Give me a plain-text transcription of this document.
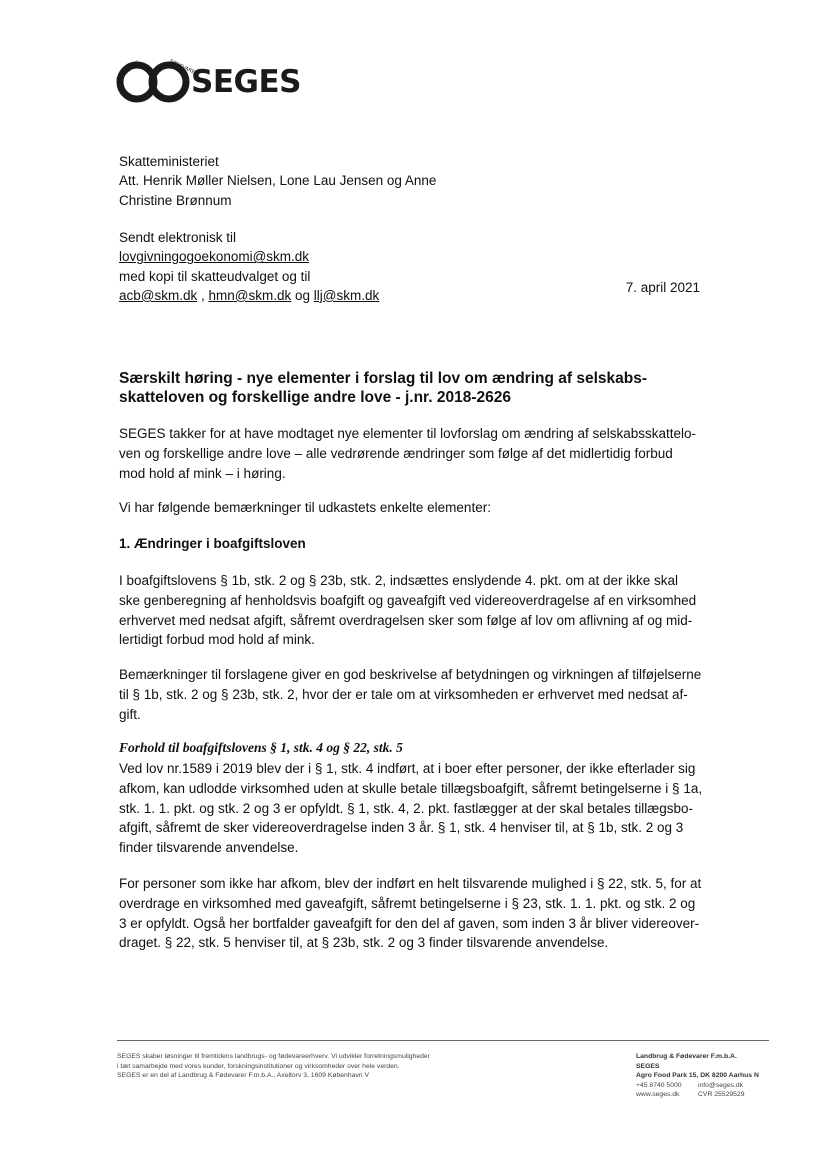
LANDBRUG	FØDEVARER
SEGES
Skatteministeriet
Att. Henrik Møller Nielsen, Lone Lau Jensen og Anne
Christine Brønnum
Sendt elektronisk til
lovgivningogoekonomi@skm.dk
med kopi til skatteudvalget og til
acb@skm.dk , hmn@skm.dk og llj@skm.dk
7. april 2021
Særskilt høring - nye elementer i forslag til lov om ændring af selskabs-
skatteloven og forskellige andre love - j.nr. 2018-2626
SEGES takker for at have modtaget nye elementer til lovforslag om ændring af selskabsskattelo-
ven og forskellige andre love – alle vedrørende ændringer som følge af det midlertidig forbud
mod hold af mink – i høring.
Vi har følgende bemærkninger til udkastets enkelte elementer:
1. Ændringer i boafgiftsloven
I boafgiftslovens § 1b, stk. 2 og § 23b, stk. 2, indsættes enslydende 4. pkt. om at der ikke skal
ske genberegning af henholdsvis boafgift og gaveafgift ved videreoverdragelse af en virksomhed
erhvervet med nedsat afgift, såfremt overdragelsen sker som følge af lov om aflivning af og mid-
lertidigt forbud mod hold af mink.
Bemærkninger til forslagene giver en god beskrivelse af betydningen og virkningen af tilføjelserne
til § 1b, stk. 2 og § 23b, stk. 2, hvor der er tale om at virksomheden er erhvervet med nedsat af-
gift.
Forhold til boafgiftslovens § 1, stk. 4 og § 22, stk. 5
Ved lov nr.1589 i 2019 blev der i § 1, stk. 4 indført, at i boer efter personer, der ikke efterlader sig
afkom, kan udlodde virksomhed uden at skulle betale tillægsboafgift, såfremt betingelserne i § 1a,
stk. 1. 1. pkt. og stk. 2 og 3 er opfyldt. § 1, stk. 4, 2. pkt. fastlægger at der skal betales tillægsbo-
afgift, såfremt de sker videreoverdragelse inden 3 år. § 1, stk. 4 henviser til, at § 1b, stk. 2 og 3
finder tilsvarende anvendelse.
For personer som ikke har afkom, blev der indført en helt tilsvarende mulighed i § 22, stk. 5, for at
overdrage en virksomhed med gaveafgift, såfremt betingelserne i § 23, stk. 1. 1. pkt. og stk. 2 og
3 er opfyldt. Også her bortfalder gaveafgift for den del af gaven, som inden 3 år bliver videreover-
draget. § 22, stk. 5 henviser til, at § 23b, stk. 2 og 3 finder tilsvarende anvendelse.
SEGES skaber løsninger til fremtidens landbrugs- og fødevareerhverv. Vi udvikler forretningsmuligheder
i tæt samarbejde med vores kunder, forskningsinstitutioner og virksomheder over hele verden.
SEGES er en del af Landbrug & Fødevarer F.m.b.A., Axeltorv 3, 1609 København V
Landbrug & Fødevarer F.m.b.A.
SEGES
Agro Food Park 15, DK 8200 Aarhus N
+45 8740 5000	info@seges.dk
www.seges.dk	CVR 25529529
